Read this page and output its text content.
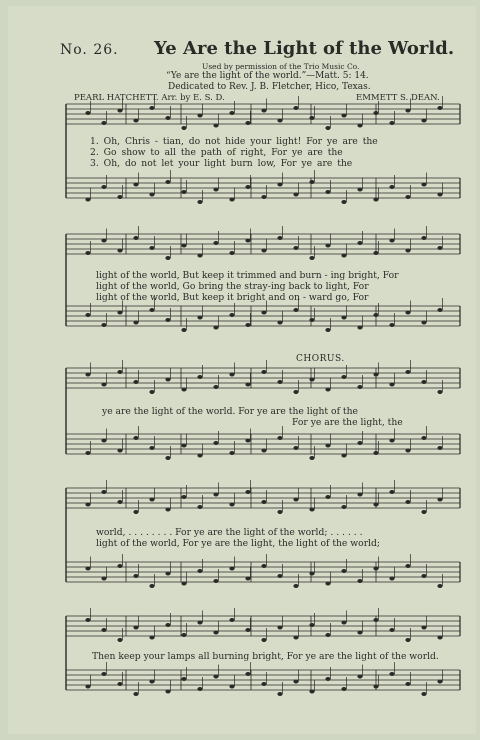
No. 26. Ye Are the Light of the World.
Used by permission of the Trio Music Co.
“Ye are the light of the world.”—Matt. 5: 14.
Dedicated to Rev. J. B. Fletcher, Hico, Texas.
PEARL HATCHETT. Arr. by E. S. D.	EMMETT S. DEAN.
1. Oh, Chris - tian, do not hide your light! For ye are the
2. Go show to all the path of right, For ye are the
3. Oh, do not let your light burn low, For ye are the
light of the world, But keep it trimmed and burn - ing bright, For
light of the world, Go bring the stray-ing back to light, For
light of the world, But keep it bright and on - ward go, For
CHORUS.
ye are the light of the world. For ye are the light of the
For ye are the light, the
world, . . . . . . . . For ye are the light of the world; . . . . . .
light of the world, For ye are the light, the light of the world;
Then keep your lamps all burning bright, For ye are the light of the world.
